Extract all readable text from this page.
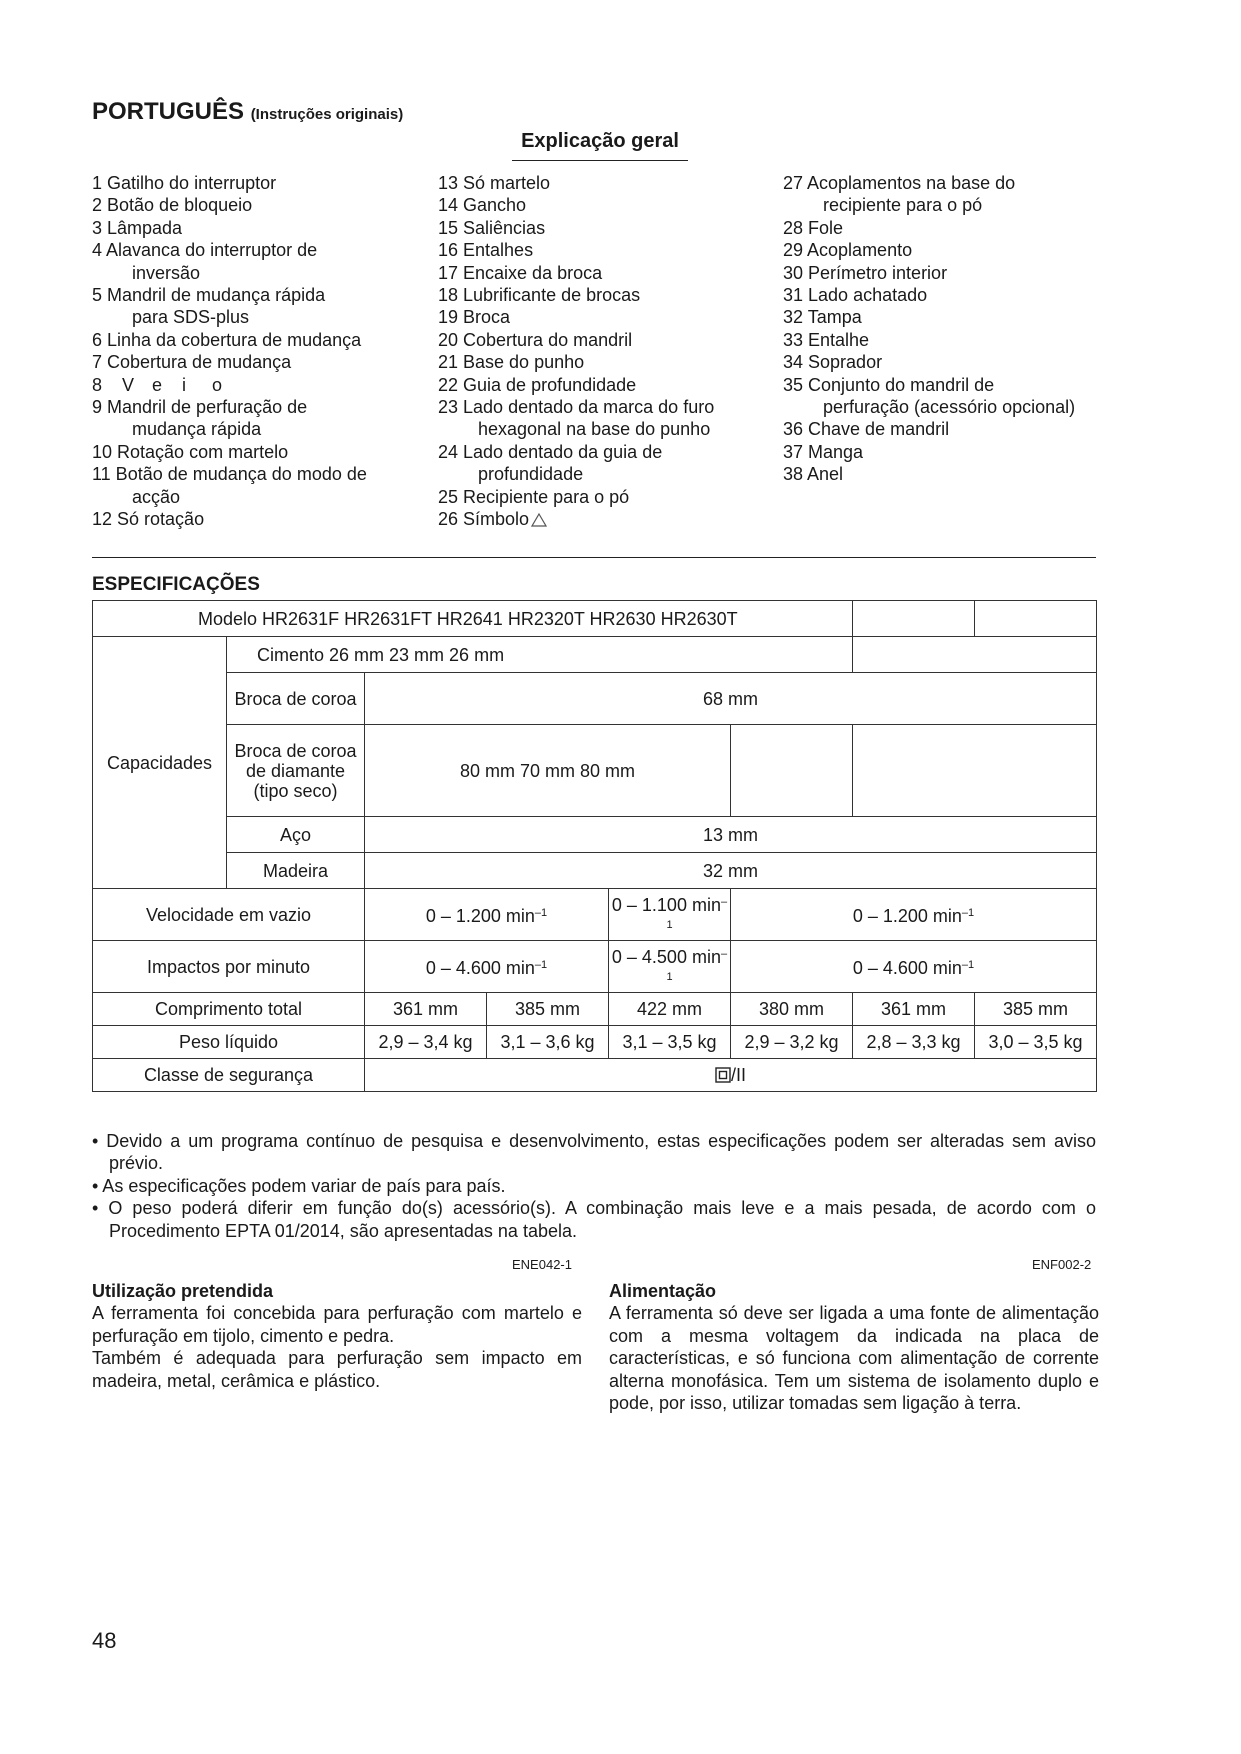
PORTUGUÊS (Instruções originais)
Explicação geral
1 Gatilho do interruptor
2 Botão de bloqueio
3 Lâmpada
4 Alavanca do interruptor de
inversão
5 Mandril de mudança rápida
para SDS-plus
6 Linha da cobertura de mudança
7 Cobertura de mudança
8 V e i o
9 Mandril de perfuração de
mudança rápida
10 Rotação com martelo
11 Botão de mudança do modo de
acção
12 Só rotação
13 Só martelo
14 Gancho
15 Saliências
16 Entalhes
17 Encaixe da broca
18 Lubrificante de brocas
19 Broca
20 Cobertura do mandril
21 Base do punho
22 Guia de profundidade
23 Lado dentado da marca do furo
hexagonal na base do punho
24 Lado dentado da guia de
profundidade
25 Recipiente para o pó
26 Símbolo
27 Acoplamentos na base do
recipiente para o pó
28 Fole
29 Acoplamento
30 Perímetro interior
31 Lado achatado
32 Tampa
33 Entalhe
34 Soprador
35 Conjunto do mandril de
perfuração (acessório opcional)
36 Chave de mandril
37 Manga
38 Anel
ESPECIFICAÇÕES
Modelo HR2631F HR2631FT HR2641 HR2320T HR2630 HR2630T							
Capacidades	Cimento 26 mm 23 mm 26 mm						
	Broca de coroa	68 mm					
	Broca de coroa de diamante (tipo seco)	80 mm 70 mm 80 mm					
	Aço	13 mm					
	Madeira	32 mm					
Velocidade em vazio		0 – 1.200 $\min^{-1}$		0 – 1.100 $\min^{-1}$	0 – 1.200 $\min^{-1}$
Impactos por minuto		0 – 4.600 $\min^{-1}$		0 – 4.500 $\min^{-1}$	0 – 4.600 $\min^{-1}$
Comprimento total		361 mm	385 mm	422 mm	380 mm	361 mm	385 mm
Peso líquido		2,9 – 3,4 kg	3,1 – 3,6 kg	3,1 – 3,5 kg	2,9 – 3,2 kg	2,8 – 3,3 kg	3,0 – 3,5 kg
Classe de segurança		/II					
• Devido a um programa contínuo de pesquisa e desenvolvimento, estas especificações podem ser alteradas sem aviso prévio.
• As especificações podem variar de país para país.
• O peso poderá diferir em função do(s) acessório(s). A combinação mais leve e a mais pesada, de acordo com o Procedimento EPTA 01/2014, são apresentadas na tabela.
ENE042-1	ENF002-2
Utilização pretendida

A ferramenta foi concebida para perfuração com martelo e perfuração em tijolo, cimento e pedra.

Também é adequada para perfuração sem impacto em madeira, metal, cerâmica e plástico.

Alimentação

A ferramenta só deve ser ligada a uma fonte de alimentação com a mesma voltagem da indicada na placa de características, e só funciona com alimentação de corrente alterna monofásica. Tem um sistema de isolamento duplo e pode, por isso, utilizar tomadas sem ligação à terra.

48
